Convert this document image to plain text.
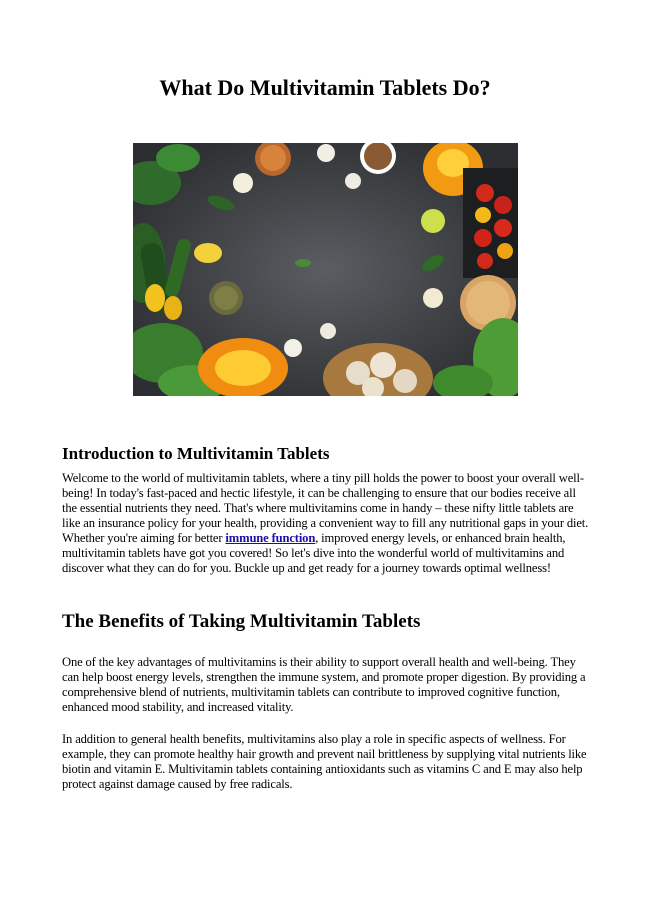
What Do Multivitamin Tablets Do?
Introduction to Multivitamin Tablets

Welcome to the world of multivitamin tablets, where a tiny pill holds the power to boost your overall well-being! In today's fast-paced and hectic lifestyle, it can be challenging to ensure that our bodies receive all the essential nutrients they need. That's where multivitamins come in handy – these nifty little tablets are like an insurance policy for your health, providing a convenient way to fill any nutritional gaps in your diet. Whether you're aiming for better immune function, improved energy levels, or enhanced brain health, multivitamin tablets have got you covered! So let's dive into the wonderful world of multivitamins and discover what they can do for you. Buckle up and get ready for a journey towards optimal wellness!

The Benefits of Taking Multivitamin Tablets

One of the key advantages of multivitamins is their ability to support overall health and well-being. They can help boost energy levels, strengthen the immune system, and promote proper digestion. By providing a comprehensive blend of nutrients, multivitamin tablets can contribute to improved cognitive function, enhanced mood stability, and increased vitality.

In addition to general health benefits, multivitamins also play a role in specific aspects of wellness. For example, they can promote healthy hair growth and prevent nail brittleness by supplying vital nutrients like biotin and vitamin E. Multivitamin tablets containing antioxidants such as vitamins C and E may also help protect against damage caused by free radicals.
